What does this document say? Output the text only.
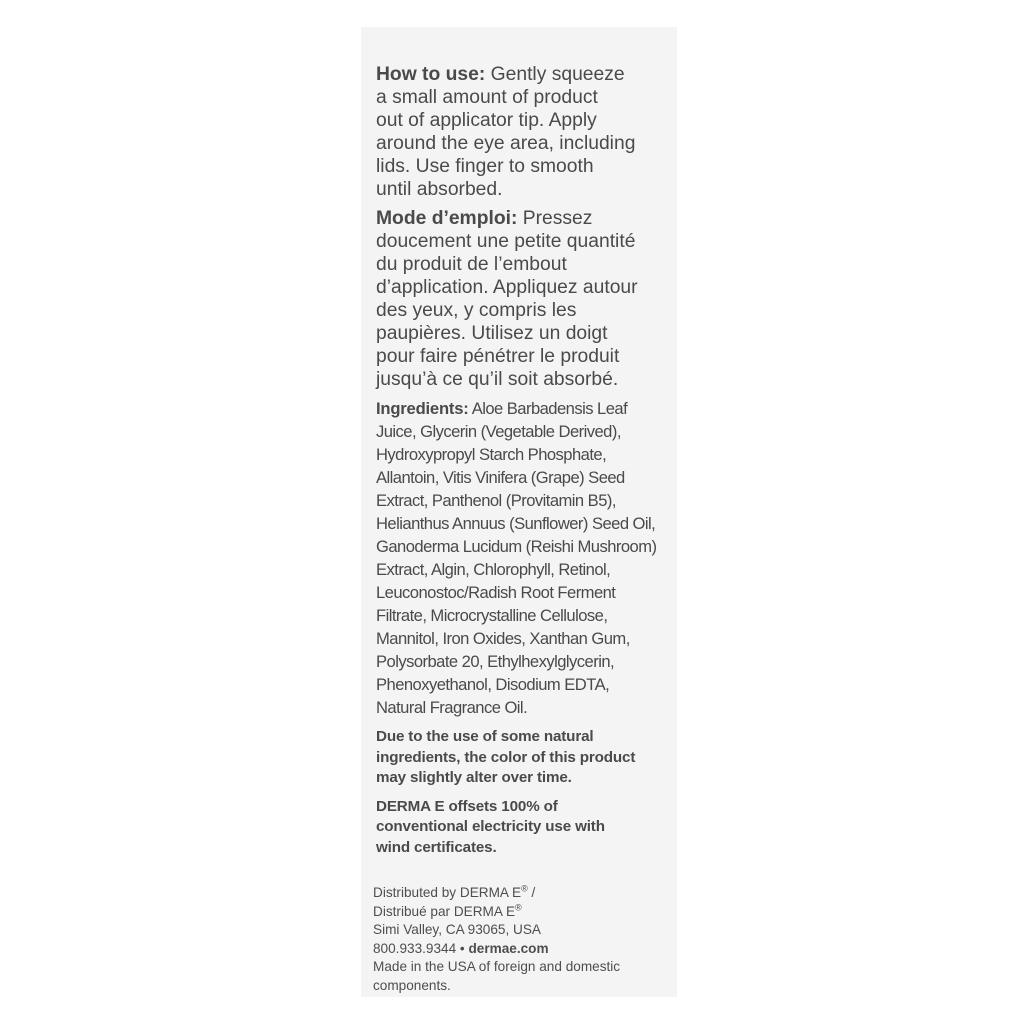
How to use: Gently squeeze
a small amount of product
out of applicator tip. Apply
around the eye area, including
lids. Use finger to smooth
until absorbed.

Mode d’emploi: Pressez
doucement une petite quantité
du produit de l’embout
d’application. Appliquez autour
des yeux, y compris les
paupières. Utilisez un doigt
pour faire pénétrer le produit
jusqu’à ce qu’il soit absorbé.

Ingredients: Aloe Barbadensis Leaf
Juice, Glycerin (Vegetable Derived),
Hydroxypropyl Starch Phosphate,
Allantoin, Vitis Vinifera (Grape) Seed
Extract, Panthenol (Provitamin B5),
Helianthus Annuus (Sunflower) Seed Oil,
Ganoderma Lucidum (Reishi Mushroom)
Extract, Algin, Chlorophyll, Retinol,
Leuconostoc/Radish Root Ferment
Filtrate, Microcrystalline Cellulose,
Mannitol, Iron Oxides, Xanthan Gum,
Polysorbate 20, Ethylhexylglycerin,
Phenoxyethanol, Disodium EDTA,
Natural Fragrance Oil.

Due to the use of some natural
ingredients, the color of this product
may slightly alter over time.

DERMA E offsets 100% of
conventional electricity use with
wind certificates.

Distributed by DERMA E® /
Distribué par DERMA E®
Simi Valley, CA 93065, USA
800.933.9344 • dermae.com
Made in the USA of foreign and domestic
components.
